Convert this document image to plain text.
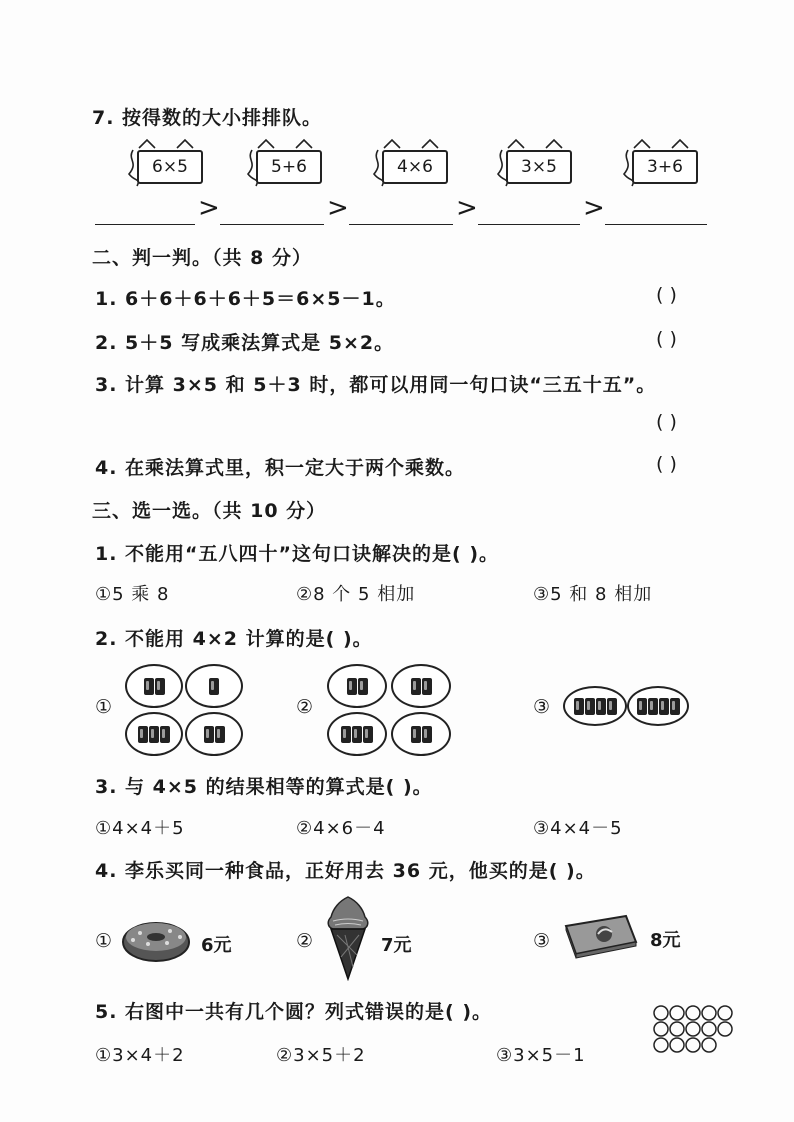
7. 按得数的大小排排队。
6×5	5+6	4×6	3×5	3+6
>	>	>	>
二、判一判。（共 8 分）
1. 6＋6＋6＋6＋5＝6×5－1。	( )
2. 5＋5 写成乘法算式是 5×2。	( )
3. 计算 3×5 和 5＋3 时，都可以用同一句口诀“三五十五”。
( )
4. 在乘法算式里，积一定大于两个乘数。	( )
三、选一选。（共 10 分）
1. 不能用“五八四十”这句口诀解决的是( )。
①5 乘 8	②8 个 5 相加	③5 和 8 相加
2. 不能用 4×2 计算的是( )。
①	②	③
3. 与 4×5 的结果相等的算式是( )。
①4×4＋5	②4×6－4	③4×4－5
4. 李乐买同一种食品，正好用去 36 元，他买的是( )。
①	6元	②	7元	③	8元
5. 右图中一共有几个圆？列式错误的是( )。
①3×4＋2	②3×5＋2	③3×5－1
